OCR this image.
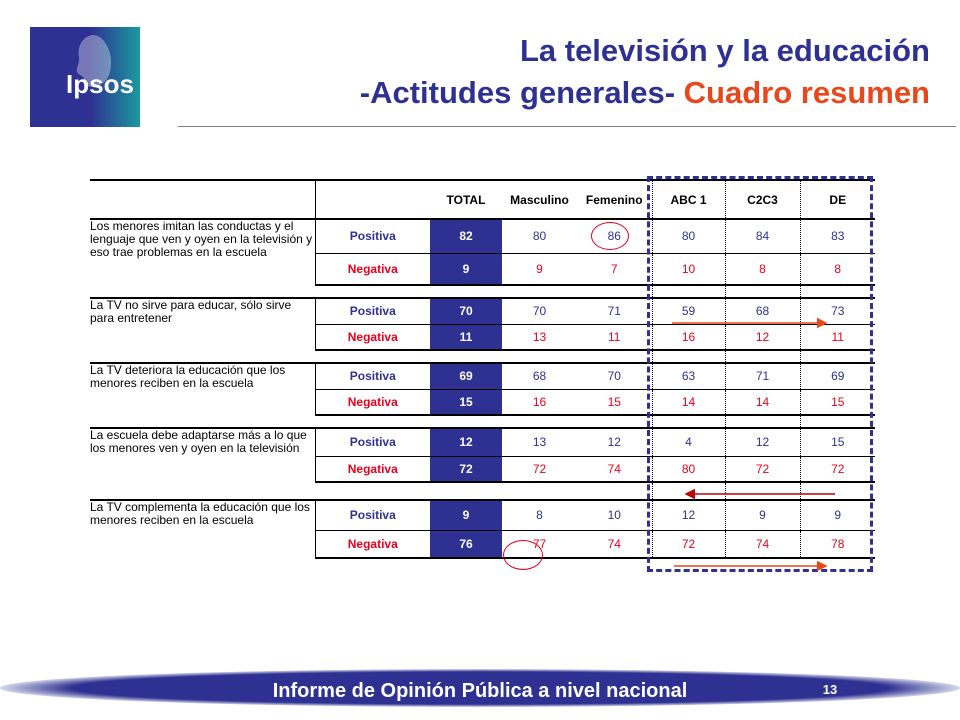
Ipsos
La televisión y la educación
-Actitudes generales- Cuadro resumen
		TOTAL	Masculino	Femenino	ABC 1	C2C3	DE
Los menores imitan las conductas y el lenguaje que ven y oyen en la televisión y eso trae problemas en la escuela	Positiva	82	80	86	80	84	83
	Negativa	9	9	7	10	8	8

La TV no sirve para educar, sólo sirve para entretener	Positiva	70	70	71	59	68	73
	Negativa	11	13	11	16	12	11

La TV deteriora la educación que los menores reciben en la escuela	Positiva	69	68	70	63	71	69
	Negativa	15	16	15	14	14	15

La escuela debe adaptarse más a lo que los menores ven y oyen en la televisión	Positiva	12	13	12	4	12	15
	Negativa	72	72	74	80	72	72

La TV complementa la educación que los menores reciben en la escuela	Positiva	9	8	10	12	9	9
	Negativa	76	77	74	72	74	78
Informe de Opinión Pública a nivel nacional	13
